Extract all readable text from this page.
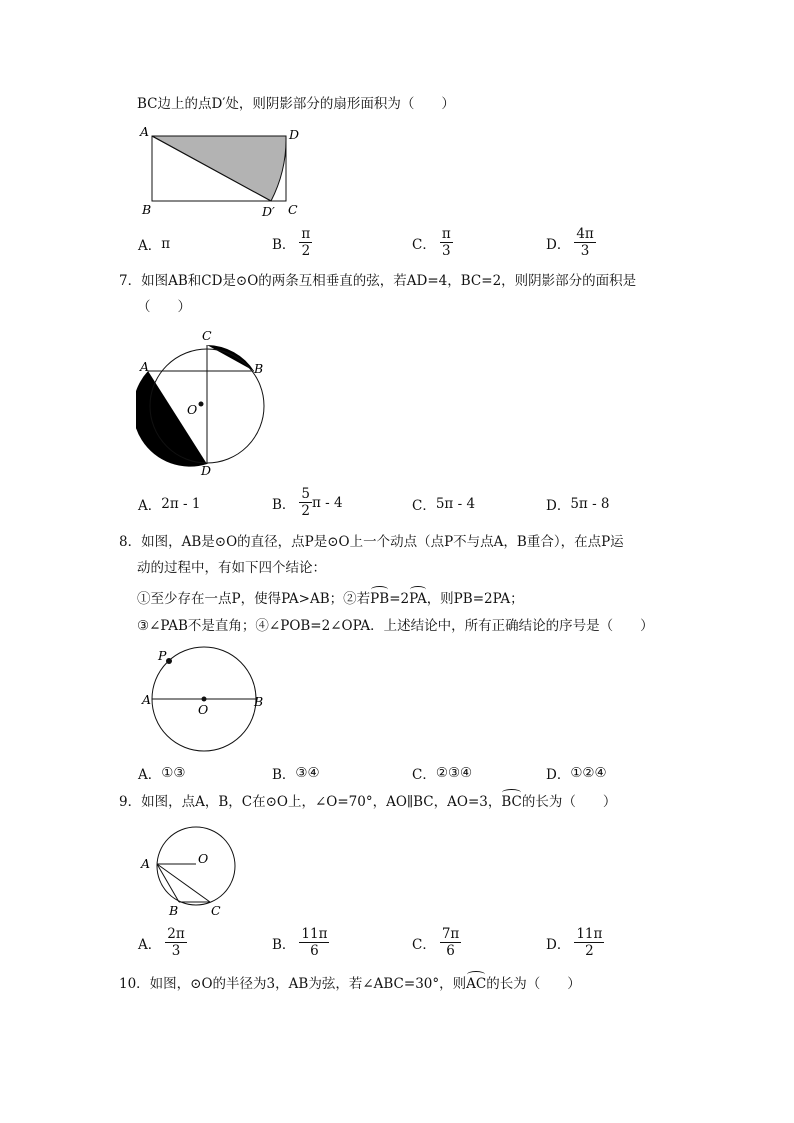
BC边上的点D′处，则阴影部分的扇形面积为（　　）
A	D
B	D′ C
A． π	B． $\frac{\pi}{2}$	C． $\frac{\pi}{3}$	D． $\frac{4\pi}{3}$
7．如图AB和CD是⊙O的两条互相垂直的弦，若AD=4，BC=2，则阴影部分的面积是
（　　）
C
A	B
O
D
A． 2π - 1	B． $\frac{5}{2}$ π - 4	C． 5π - 4	D． 5π - 8
8．如图，AB是⊙O的直径，点P是⊙O上一个动点（点P不与点A，B重合），在点P运
动的过程中，有如下四个结论：
①至少存在一点P，使得PA>AB；②若PB=2PA，则PB=2PA；
③∠PAB不是直角；④∠POB=2∠OPA．上述结论中，所有正确结论的序号是（　　）
P
A
O
B
A． ①③	B． ③④	C． ②③④	D． ①②④
9．如图，点A，B，C在⊙O上，∠O=70°，AO∥BC，AO=3，BC的长为（　　）
A	O
B	C
A． $\frac{2\pi}{3}$	B． $\frac{11\pi}{6}$	C． $\frac{7\pi}{6}$	D． $\frac{11\pi}{2}$
10．如图，⊙O的半径为3，AB为弦，若∠ABC=30°，则AC的长为（　　）
